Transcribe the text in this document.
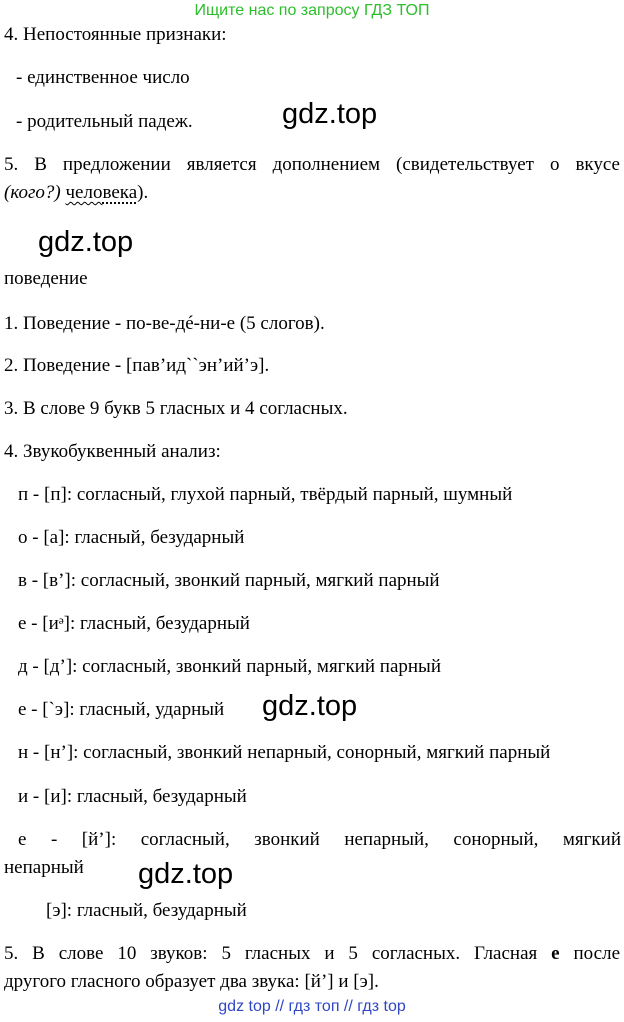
Ищите нас по запросу ГДЗ ТОП
4. Непостоянные признаки:
- единственное число
- родительный падеж.	gdz.top
5. В предложении является дополнением (свидетельствует о вкусе
(кого?) человека).
gdz.top
поведение
1. Поведение - по-ве-дé-ни-е (5 слогов).
2. Поведение - [пав’ид``эн’ий’э].
3. В слове 9 букв 5 гласных и 4 согласных.
4. Звукобуквенный анализ:
п - [п]: согласный, глухой парный, твёрдый парный, шумный
о - [а]: гласный, безударный
в - [в’]: согласный, звонкий парный, мягкий парный
е - [иᵊ]: гласный, безударный
д - [д’]: согласный, звонкий парный, мягкий парный
е - [`э]: гласный, ударный gdz.top
н - [н’]: согласный, звонкий непарный, сонорный, мягкий парный
и - [и]: гласный, безударный
е - [й’]: согласный, звонкий непарный, сонорный, мягкий
непарный gdz.top
[э]: гласный, безударный
5. В слове 10 звуков: 5 гласных и 5 согласных. Гласная е после
другого гласного образует два звука: [й’] и [э].
gdz top // гдз топ // гдз top
